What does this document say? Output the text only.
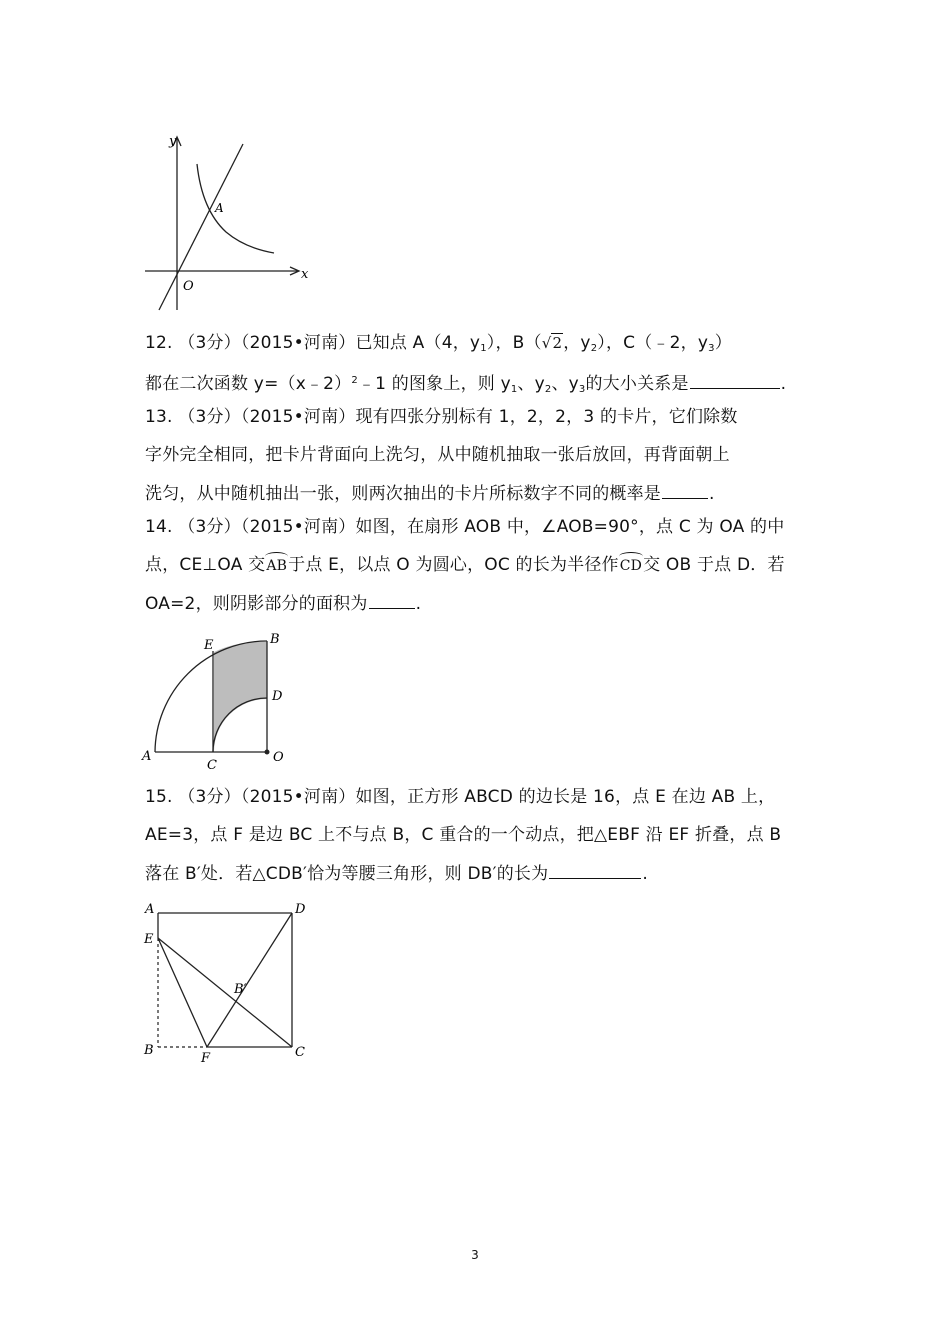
y
x
A
O
12. （3分）（2015•河南）已知点 A（4，$y_1$），B（√2，$y_2$），C（﹣2，$y_3$）
都在二次函数 y=（x﹣2）$^2$﹣1 的图象上，则 $y_1$、$y_2$、$y_3$的大小关系是	.
13. （3分）（2015•河南）现有四张分别标有 1，2，2，3 的卡片，它们除数
字外完全相同，把卡片背面向上洗匀，从中随机抽取一张后放回，再背面朝上
洗匀，从中随机抽出一张，则两次抽出的卡片所标数字不同的概率是	.
14. （3分）（2015•河南）如图，在扇形 AOB 中，∠AOB=90°，点 C 为 OA 的中
点，CE⊥OA 交AB于点 E，以点 O 为圆心，OC 的长为半径作CD交 OB 于点 D．若
OA=2，则阴影部分的面积为	.
E	B
D
A
C
O
15. （3分）（2015•河南）如图，正方形 ABCD 的边长是 16，点 E 在边 AB 上，
AE=3，点 F 是边 BC 上不与点 B，C 重合的一个动点，把△EBF 沿 EF 折叠，点 B
落在 B′处．若△CDB′恰为等腰三角形，则 DB′的长为	.
A	D
E
B′
B
F	C
3
